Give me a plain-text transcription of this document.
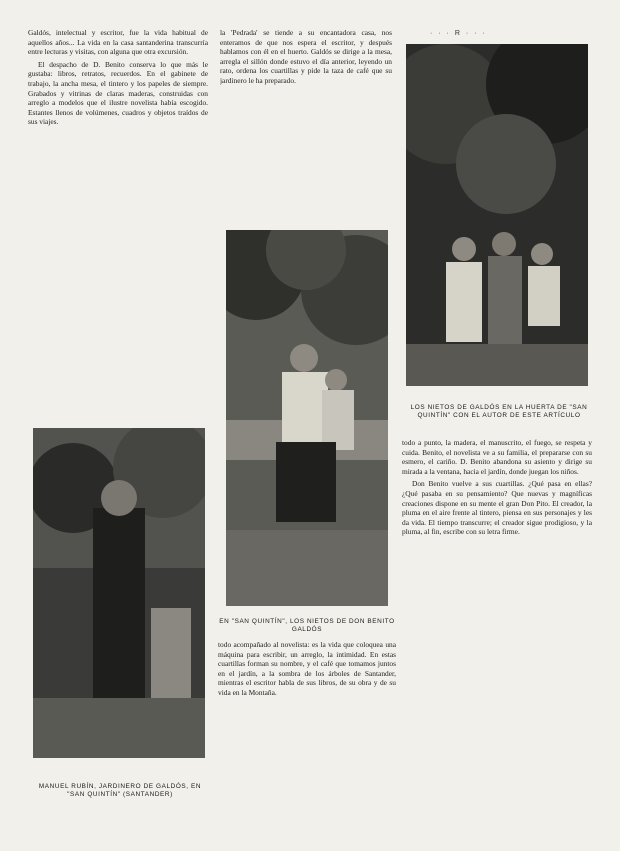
Galdós, intelectual y escritor, fue la vida habitual de aquellos años... La vida en la casa santanderina transcurría entre lecturas y visitas, con alguna que otra excursión.

El despacho de D. Benito conserva lo que más le gustaba: libros, retratos, recuerdos. En el gabinete de trabajo, la ancha mesa, el tintero y los papeles de siempre. Grabados y vitrinas de claras maderas, construidas con arreglo a modelos que el ilustre novelista había escogido. Estantes llenos de volúmenes, cuadros y objetos traídos de sus viajes.

MANUEL RUBÍN, JARDINERO DE GALDÓS, EN "SAN QUINTÍN" (SANTANDER)

la 'Pedrada' se tiende a su encantadora casa, nos enteramos de que nos espera el escritor, y después hablamos con él en el huerto. Galdós se dirige a la mesa, arregla el sillón donde estuvo el día anterior, leyendo un rato, ordena los cuartillas y pide la taza de café que su jardinero le ha preparado.

EN "SAN QUINTÍN", LOS NIETOS DE DON BENITO GALDÓS

todo acompañado al novelista: es la vida que coloquea una máquina para escribir, un arreglo, la intimidad. En estas cuartillas forman su nombre, y el café que tomamos juntos en el jardín, a la sombra de los árboles de Santander, mientras el escritor habla de sus libros, de su obra y de su vida en la Montaña.

· · · R · · ·
LOS NIETOS DE GALDÓS EN LA HUERTA DE "SAN QUINTÍN" CON EL AUTOR DE ESTE ARTÍCULO

todo a punto, la madera, el manuscrito, el fuego, se respeta y cuida. Benito, el novelista ve a su familia, el prepararse con su esmero, el cariño. D. Benito abandona su asiento y dirige su mirada a la ventana, hacia el jardín, donde juegan los niños.

Don Benito vuelve a sus cuartillas. ¿Qué pasa en ellas? ¿Qué pasaba en su pensamiento? Que nuevas y magníficas creaciones dispone en su mente el gran Don Pito. El creador, la pluma en el aire frente al tintero, piensa en sus personajes y les da vida. El tiempo transcurre; el creador sigue prodigioso, y la pluma, al fin, escribe con su letra firme.
